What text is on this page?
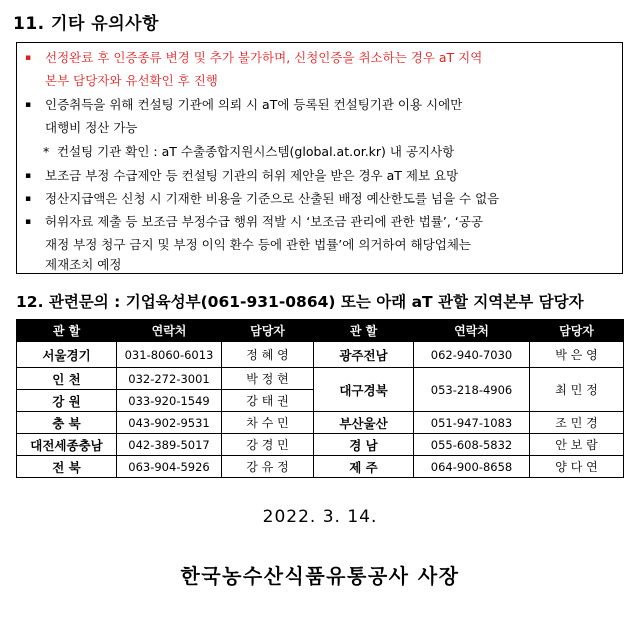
11. 기타 유의사항
▪ 선정완료 후 인증종류 변경 및 추가 불가하며, 신청인증을 취소하는 경우 aT 지역
본부 담당자와 유선확인 후 진행
▪ 인증취득을 위해 컨설팅 기관에 의뢰 시 aT에 등록된 컨설팅기관 이용 시에만
대행비 정산 가능
* 컨설팅 기관 확인 : aT 수출종합지원시스템(global.at.or.kr) 내 공지사항
▪ 보조금 부정 수급제안 등 컨설팅 기관의 허위 제안을 받은 경우 aT 제보 요망
▪ 정산지급액은 신청 시 기재한 비용을 기준으로 산출된 배정 예산한도를 넘을 수 없음
▪ 허위자료 제출 등 보조금 부정수급 행위 적발 시 ‘보조금 관리에 관한 법률’, ‘공공
재정 부정 청구 금지 및 부정 이익 환수 등에 관한 법률’에 의거하여 해당업체는
제재조치 예정
12. 관련문의 : 기업육성부(061-931-0864) 또는 아래 aT 관할 지역본부 담당자
관 할	연락처	담당자	관 할	연락처	담당자
서울경기	031-8060-6013	정 혜 영	광주전남	062-940-7030	박 은 영
인 천	032-272-3001	박 정 현	대구경북	053-218-4906	최 민 정
강 원	033-920-1549	강 태 권			
충 북	043-902-9531	차 수 민	부산울산	051-947-1083	조 민 경
대전세종충남	042-389-5017	강 경 민	경 남	055-608-5832	안 보 람
전 북	063-904-5926	강 유 정	제 주	064-900-8658	양 다 연
2022. 3. 14.
한국농수산식품유통공사 사장
